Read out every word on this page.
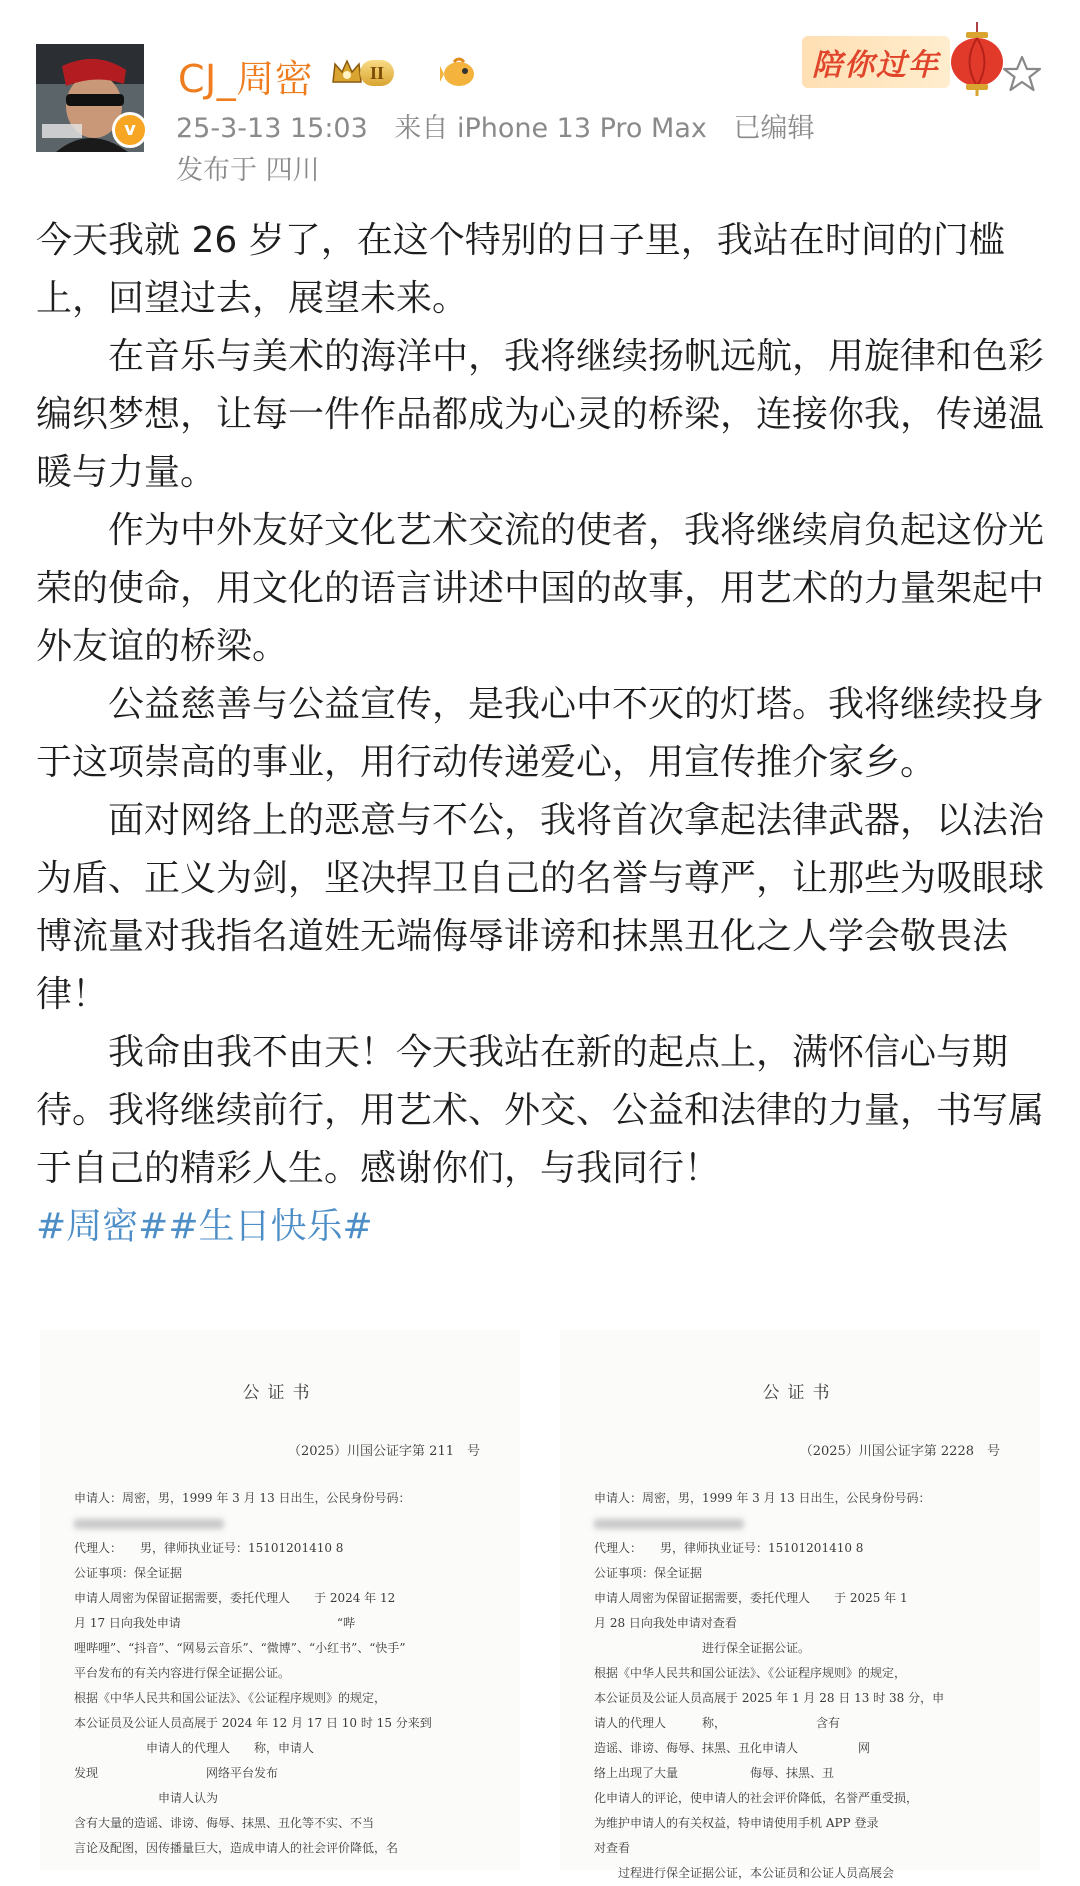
v
CJ_周密	II	陪你过年
25-3-13 15:03 来自 iPhone 13 Pro Max 已编辑
发布于 四川

今天我就 26 岁了，在这个特别的日子里，我站在时间的门槛上，回望过去，展望未来。

在音乐与美术的海洋中，我将继续扬帆远航，用旋律和色彩编织梦想，让每一件作品都成为心灵的桥梁，连接你我，传递温暖与力量。

作为中外友好文化艺术交流的使者，我将继续肩负起这份光荣的使命，用文化的语言讲述中国的故事，用艺术的力量架起中外友谊的桥梁。

公益慈善与公益宣传，是我心中不灭的灯塔。我将继续投身于这项崇高的事业，用行动传递爱心，用宣传推介家乡。

面对网络上的恶意与不公，我将首次拿起法律武器，以法治为盾、正义为剑，坚决捍卫自己的名誉与尊严，让那些为吸眼球博流量对我指名道姓无端侮辱诽谤和抹黑丑化之人学会敬畏法律！

我命由我不由天！今天我站在新的起点上，满怀信心与期待。我将继续前行，用艺术、外交、公益和法律的力量，书写属于自己的精彩人生。感谢你们，与我同行！

#周密##生日快乐#

公证书
（2025）川国公证字第 211　号
申请人：周密，男，1999 年 3 月 13 日出生，公民身份号码：
代理人：　　男，律师执业证号：15101201410 8
公证事项：保全证据
申请人周密为保留证据需要，委托代理人　　于 2024 年 12
月 17 日向我处申请　　　　　　　　　　　　　“哔
哩哔哩”、“抖音”、“网易云音乐”、“微博”、“小红书”、“快手”
平台发布的有关内容进行保全证据公证。
根据《中华人民共和国公证法》、《公证程序规则》的规定，
本公证员及公证人员高展于 2024 年 12 月 17 日 10 时 15 分来到
　　　　　　申请人的代理人　　称，申请人
发现　　　　　　　　　网络平台发布
　　　　　　　申请人认为
含有大量的造谣、诽谤、侮辱、抹黑、丑化等不实、不当
言论及配图，因传播量巨大，造成申请人的社会评价降低，名
公证书
（2025）川国公证字第 2228　号
申请人：周密，男，1999 年 3 月 13 日出生，公民身份号码：
代理人：　　男，律师执业证号：15101201410 8
公证事项：保全证据
申请人周密为保留证据需要，委托代理人　　于 2025 年 1
月 28 日向我处申请对查看　　　　　　　　
　　　　　　　　　进行保全证据公证。
根据《中华人民共和国公证法》、《公证程序规则》的规定，
本公证员及公证人员高展于 2025 年 1 月 28 日 13 时 38 分，申
请人的代理人　　　称，　　　　　　　　含有
造谣、诽谤、侮辱、抹黑、丑化申请人　　　　　网
络上出现了大量　　　　　　侮辱、抹黑、丑
化申请人的评论，使申请人的社会评价降低，名誉严重受损，
为维护申请人的有关权益，特申请使用手机 APP 登录
对查看　　　　　　　　
　　过程进行保全证据公证，本公证员和公证人员高展会
